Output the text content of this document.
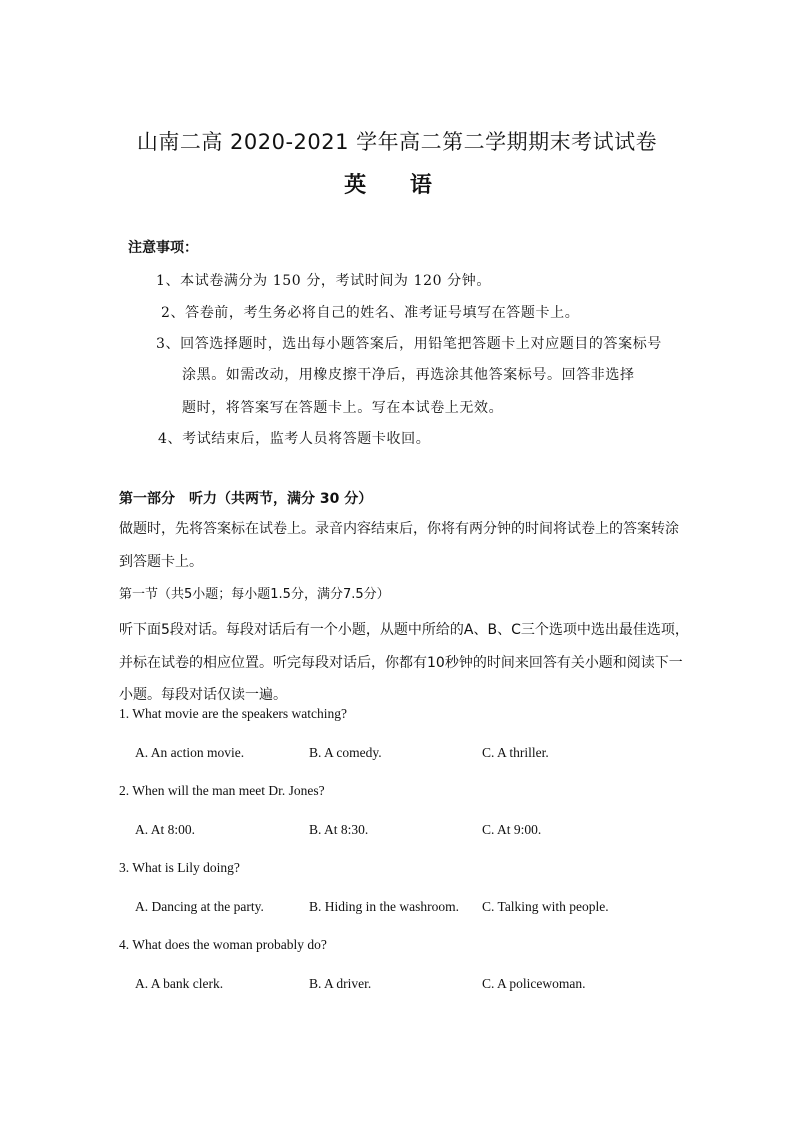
山南二高 2020-2021 学年高二第二学期期末考试试卷
英 语
注意事项：
1、本试卷满分为 150 分，考试时间为 120 分钟。
2、答卷前，考生务必将自己的姓名、准考证号填写在答题卡上。
3、回答选择题时，选出每小题答案后，用铅笔把答题卡上对应题目的答案标号
涂黑。如需改动，用橡皮擦干净后，再选涂其他答案标号。回答非选择
题时，将答案写在答题卡上。写在本试卷上无效。
4、考试结束后，监考人员将答题卡收回。
第一部分　听力（共两节，满分 30 分）
做题时，先将答案标在试卷上。录音内容结束后，你将有两分钟的时间将试卷上的答案转涂
到答题卡上。
第一节（共5小题；每小题1.5分，满分7.5分）
听下面5段对话。每段对话后有一个小题，从题中所给的A、B、C三个选项中选出最佳选项，
并标在试卷的相应位置。听完每段对话后，你都有10秒钟的时间来回答有关小题和阅读下一
小题。每段对话仅读一遍。
1. What movie are the speakers watching?
A. An action movie.	B. A comedy.	C. A thriller.
2. When will the man meet Dr. Jones?
A. At 8:00.	B. At 8:30.	C. At 9:00.
3. What is Lily doing?
A. Dancing at the party.	B. Hiding in the washroom. C. Talking with people.
4. What does the woman probably do?
A. A bank clerk.	B. A driver.	C. A policewoman.
